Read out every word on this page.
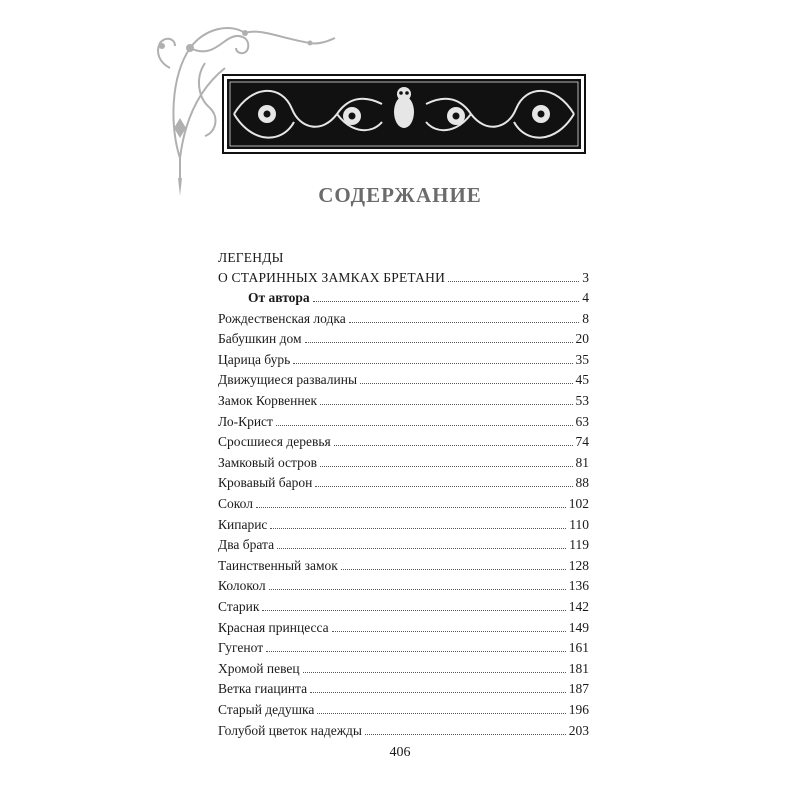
СОДЕРЖАНИЕ
ЛЕГЕНДЫ
О СТАРИННЫХ ЗАМКАХ БРЕТАНИ	3
От автора	4
Рождественская лодка	8
Бабушкин дом	20
Царица бурь	35
Движущиеся развалины	45
Замок Корвеннек	53
Ло-Крист	63
Сросшиеся деревья	74
Замковый остров	81
Кровавый барон	88
Сокол	102
Кипарис	110
Два брата	119
Таинственный замок	128
Колокол	136
Старик	142
Красная принцесса	149
Гугенот	161
Хромой певец	181
Ветка гиацинта	187
Старый дедушка	196
Голубой цветок надежды	203
406
